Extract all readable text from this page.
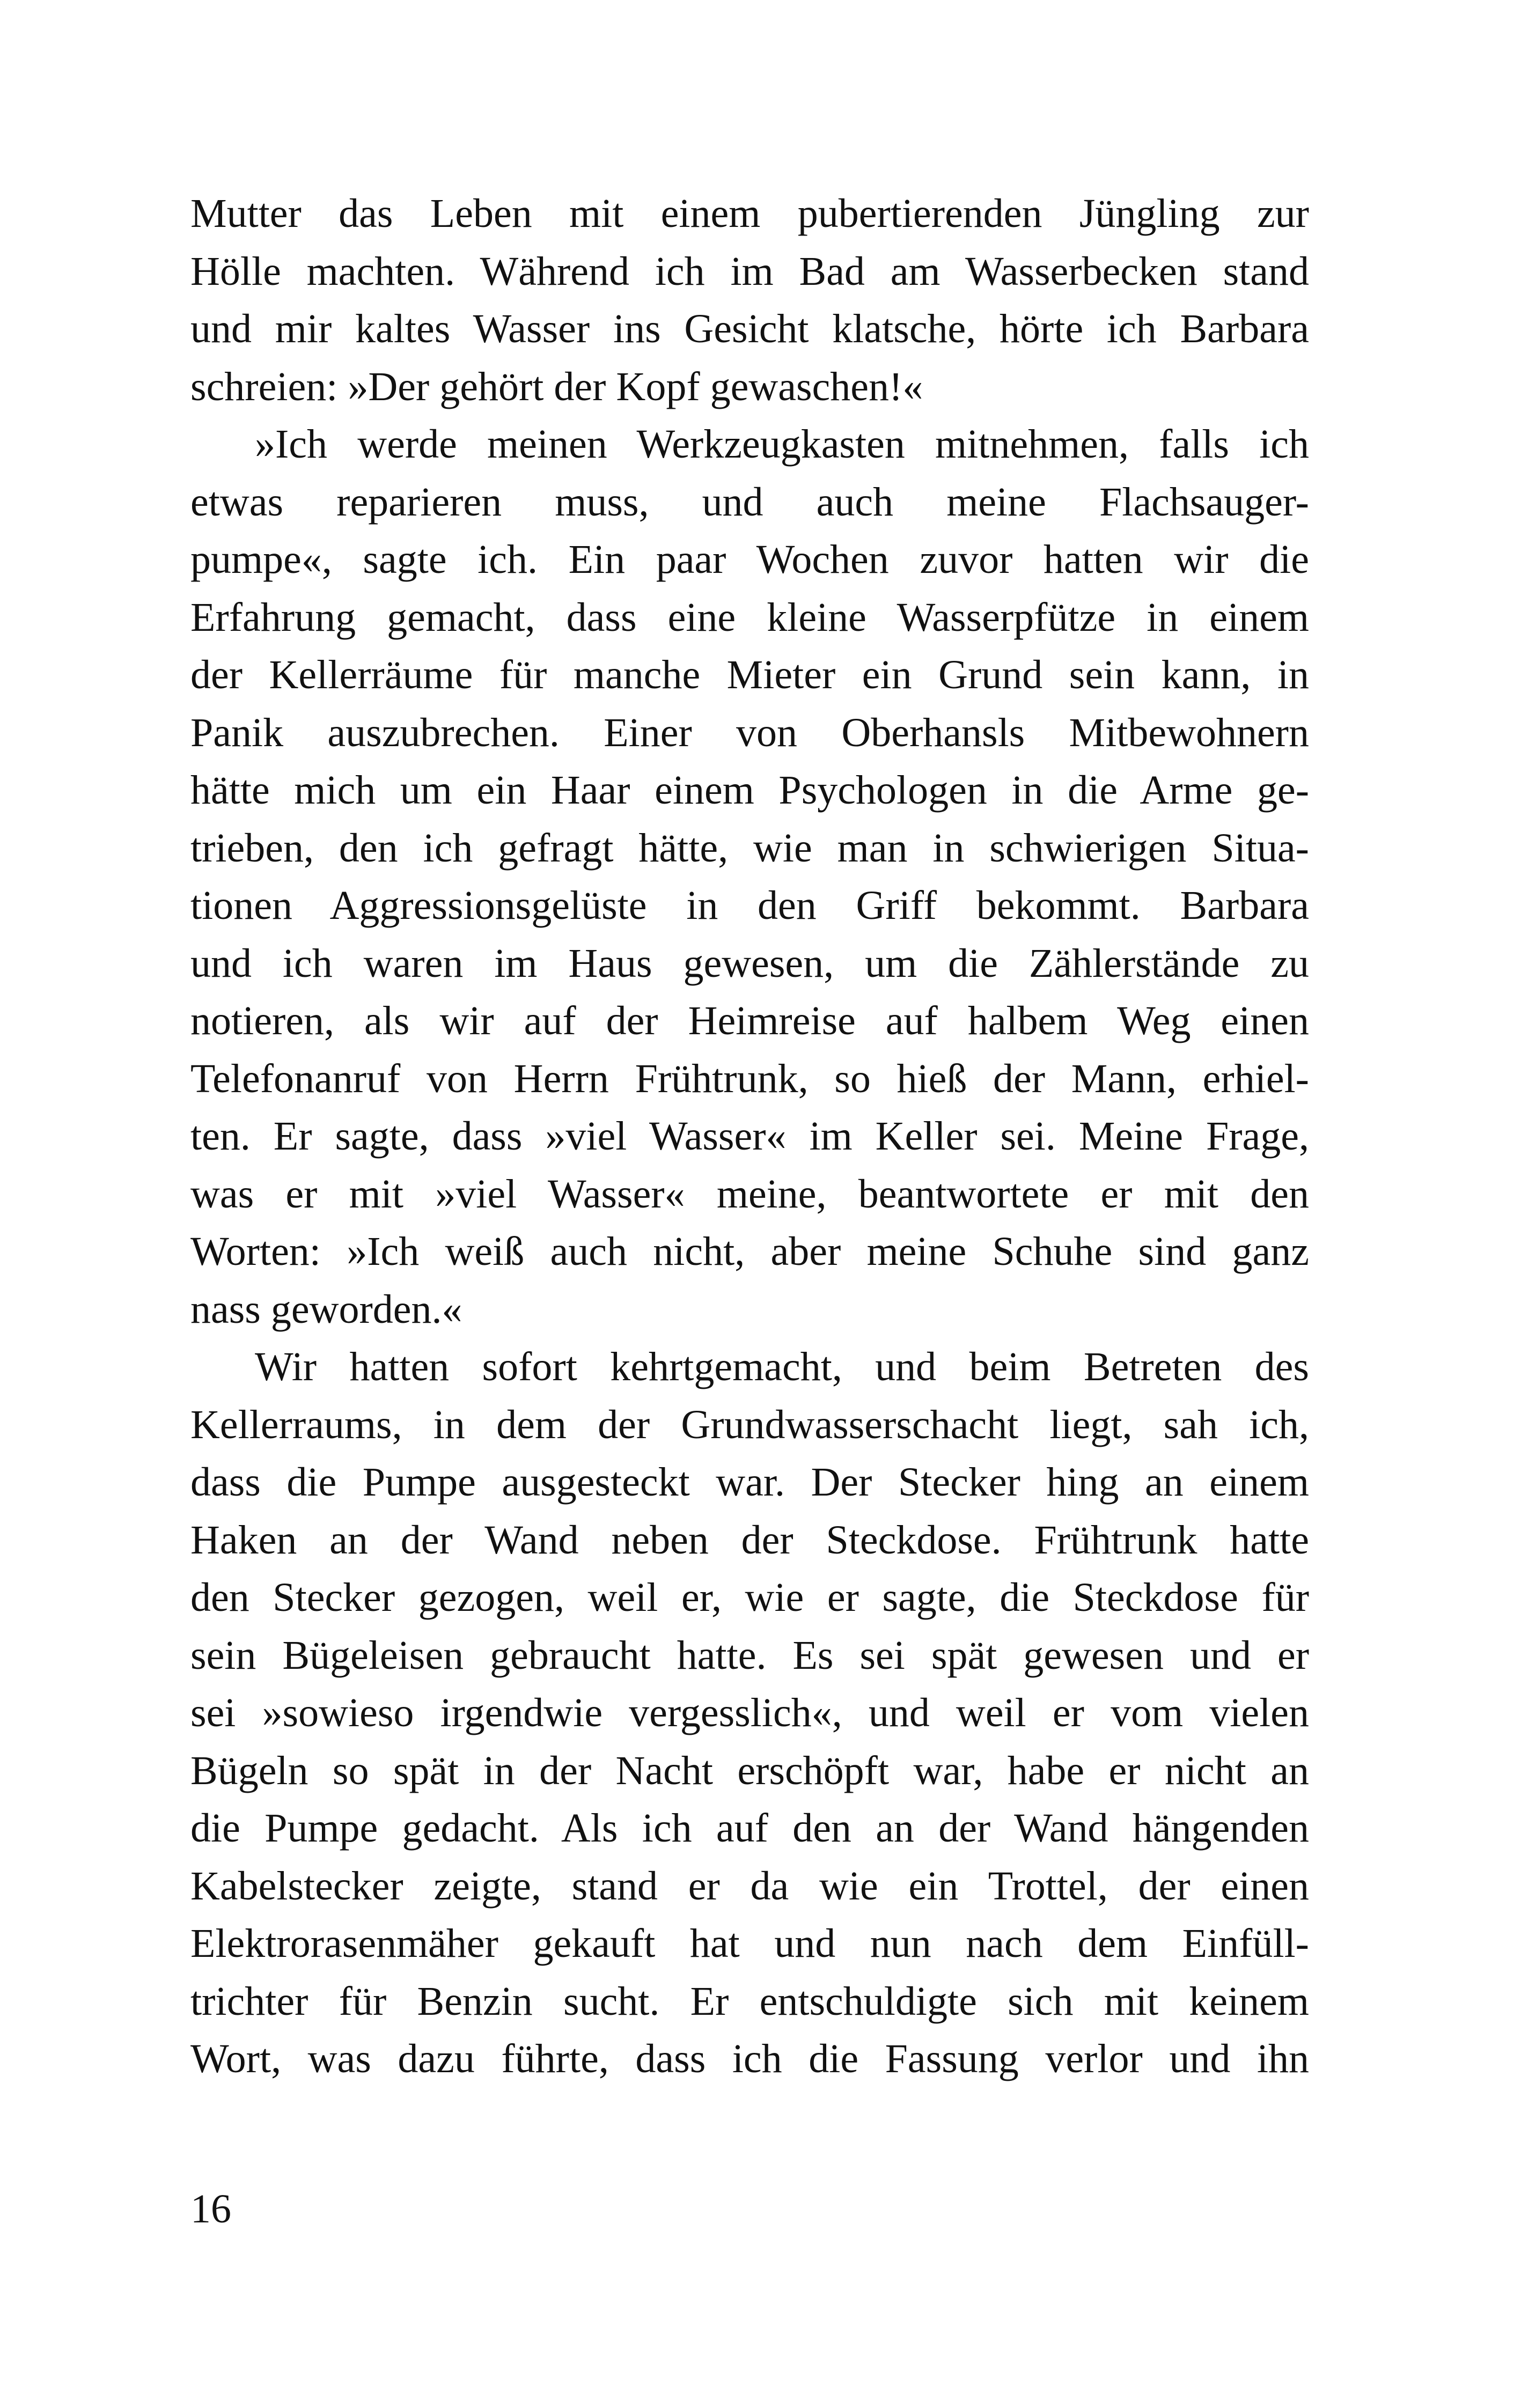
Mutter das Leben mit einem pubertierenden Jüngling zur
Hölle machten. Während ich im Bad am Wasserbecken stand
und mir kaltes Wasser ins Gesicht klatsche, hörte ich Barbara
schreien: »Der gehört der Kopf gewaschen!«
»Ich werde meinen Werkzeugkasten mitnehmen, falls ich
etwas reparieren muss, und auch meine Flachsauger-
pumpe«, sagte ich. Ein paar Wochen zuvor hatten wir die
Erfahrung gemacht, dass eine kleine Wasserpfütze in einem
der Kellerräume für manche Mieter ein Grund sein kann, in
Panik auszubrechen. Einer von Oberhansls Mitbewohnern
hätte mich um ein Haar einem Psychologen in die Arme ge-
trieben, den ich gefragt hätte, wie man in schwierigen Situa-
tionen Aggressionsgelüste in den Griff bekommt. Barbara
und ich waren im Haus gewesen, um die Zählerstände zu
notieren, als wir auf der Heimreise auf halbem Weg einen
Telefonanruf von Herrn Frühtrunk, so hieß der Mann, erhiel-
ten. Er sagte, dass »viel Wasser« im Keller sei. Meine Frage,
was er mit »viel Wasser« meine, beantwortete er mit den
Worten: »Ich weiß auch nicht, aber meine Schuhe sind ganz
nass geworden.«
Wir hatten sofort kehrtgemacht, und beim Betreten des
Kellerraums, in dem der Grundwasserschacht liegt, sah ich,
dass die Pumpe ausgesteckt war. Der Stecker hing an einem
Haken an der Wand neben der Steckdose. Frühtrunk hatte
den Stecker gezogen, weil er, wie er sagte, die Steckdose für
sein Bügeleisen gebraucht hatte. Es sei spät gewesen und er
sei »sowieso irgendwie vergesslich«, und weil er vom vielen
Bügeln so spät in der Nacht erschöpft war, habe er nicht an
die Pumpe gedacht. Als ich auf den an der Wand hängenden
Kabelstecker zeigte, stand er da wie ein Trottel, der einen
Elektrorasenmäher gekauft hat und nun nach dem Einfüll-
trichter für Benzin sucht. Er entschuldigte sich mit keinem
Wort, was dazu führte, dass ich die Fassung verlor und ihn
16
